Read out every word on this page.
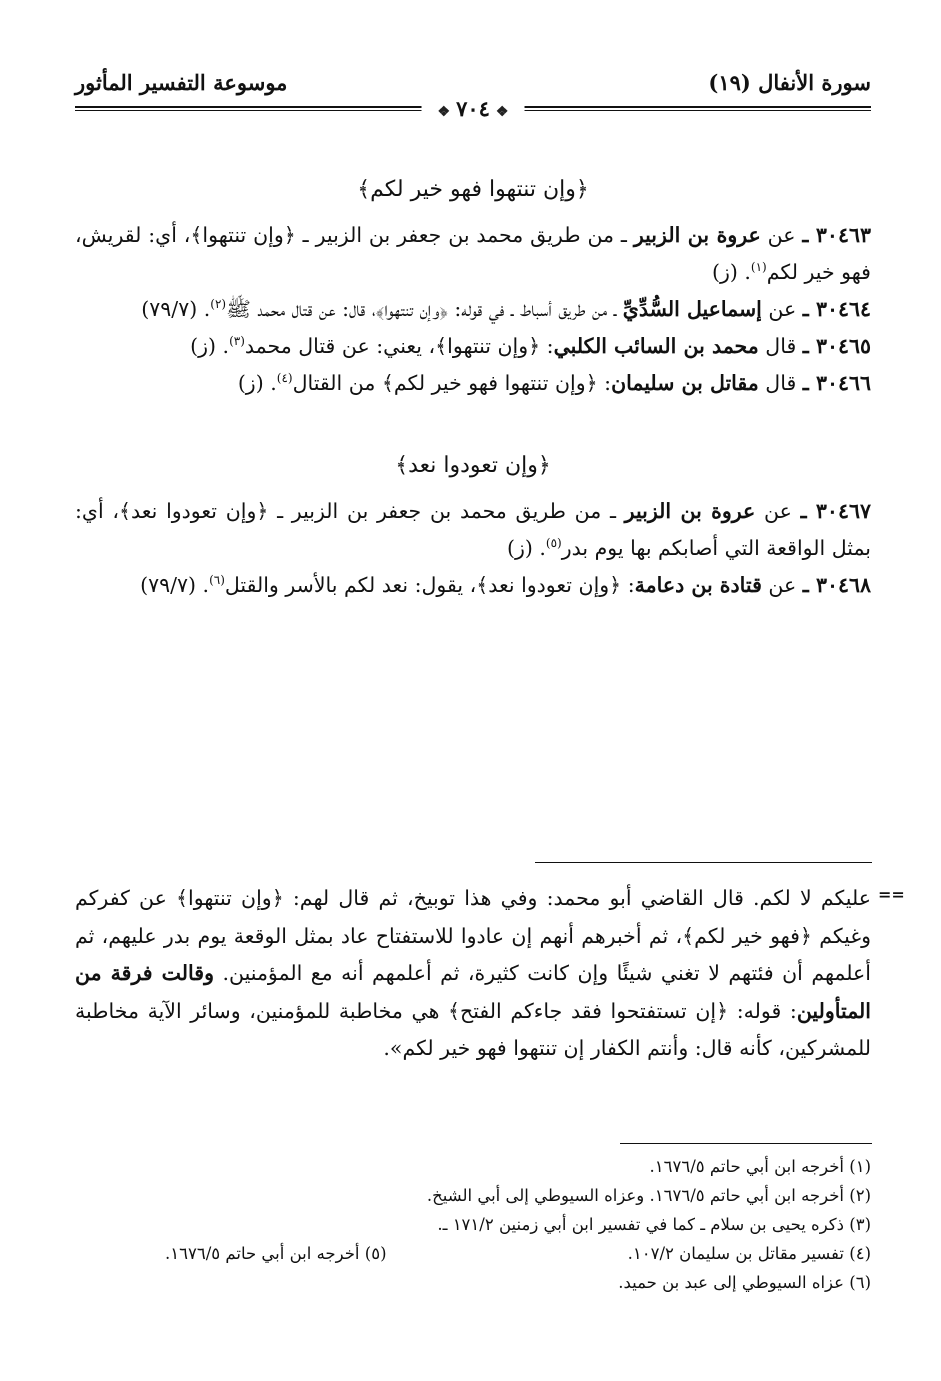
سورة الأنفال (١٩)
موسوعة التفسير المأثور
❖٧٠٤❖

﴿وإن تنتهوا فهو خير لكم﴾

٣٠٤٦٣ ـ عن عروة بن الزبير ـ من طريق محمد بن جعفر بن الزبير ـ ﴿وإن تنتهوا﴾، أي: لقريش، فهو خير لكم$^{(١)}$. (ز)

٣٠٤٦٤ ـ عن إسماعيل السُّدِّيِّ ـ من طريق أسباط ـ في قوله: ﴿وإن تنتهوا﴾، قال: عن قتال محمد ﷺ$^{(٢)}$. (٧/‏٧٩)

٣٠٤٦٥ ـ قال محمد بن السائب الكلبي: ﴿وإن تنتهوا﴾، يعني: عن قتال محمد$^{(٣)}$. (ز)

٣٠٤٦٦ ـ قال مقاتل بن سليمان: ﴿وإن تنتهوا فهو خير لكم﴾ من القتال$^{(٤)}$. (ز)

﴿وإن تعودوا نعد﴾

٣٠٤٦٧ ـ عن عروة بن الزبير ـ من طريق محمد بن جعفر بن الزبير ـ ﴿وإن تعودوا نعد﴾، أي: بمثل الواقعة التي أصابكم بها يوم بدر$^{(٥)}$. (ز)

٣٠٤٦٨ ـ عن قتادة بن دعامة: ﴿وإن تعودوا نعد﴾، يقول: نعد لكم بالأسر والقتل$^{(٦)}$. (٧/‏٧٩)

==
عليكم لا لكم. قال القاضي أبو محمد: وفي هذا توبيخ، ثم قال لهم: ﴿وإن تنتهوا﴾ عن كفركم وغيكم ﴿فهو خير لكم﴾، ثم أخبرهم أنهم إن عادوا للاستفتاح عاد بمثل الوقعة يوم بدر عليهم، ثم أعلمهم أن فئتهم لا تغني شيئًا وإن كانت كثيرة، ثم أعلمهم أنه مع المؤمنين. وقالت فرقة من المتأولين: قوله: ﴿إن تستفتحوا فقد جاءكم الفتح﴾ هي مخاطبة للمؤمنين، وسائر الآية مخاطبة للمشركين، كأنه قال: وأنتم الكفار إن تنتهوا فهو خير لكم».

(١) أخرجه ابن أبي حاتم ٥/‏١٦٧٦.

(٢) أخرجه ابن أبي حاتم ٥/‏١٦٧٦. وعزاه السيوطي إلى أبي الشيخ.

(٣) ذكره يحيى بن سلام ـ كما في تفسير ابن أبي زمنين ٢/‏١٧١ ـ.

(٤) تفسير مقاتل بن سليمان ٢/‏١٠٧.
(٥) أخرجه ابن أبي حاتم ٥/‏١٦٧٦.

(٦) عزاه السيوطي إلى عبد بن حميد.
